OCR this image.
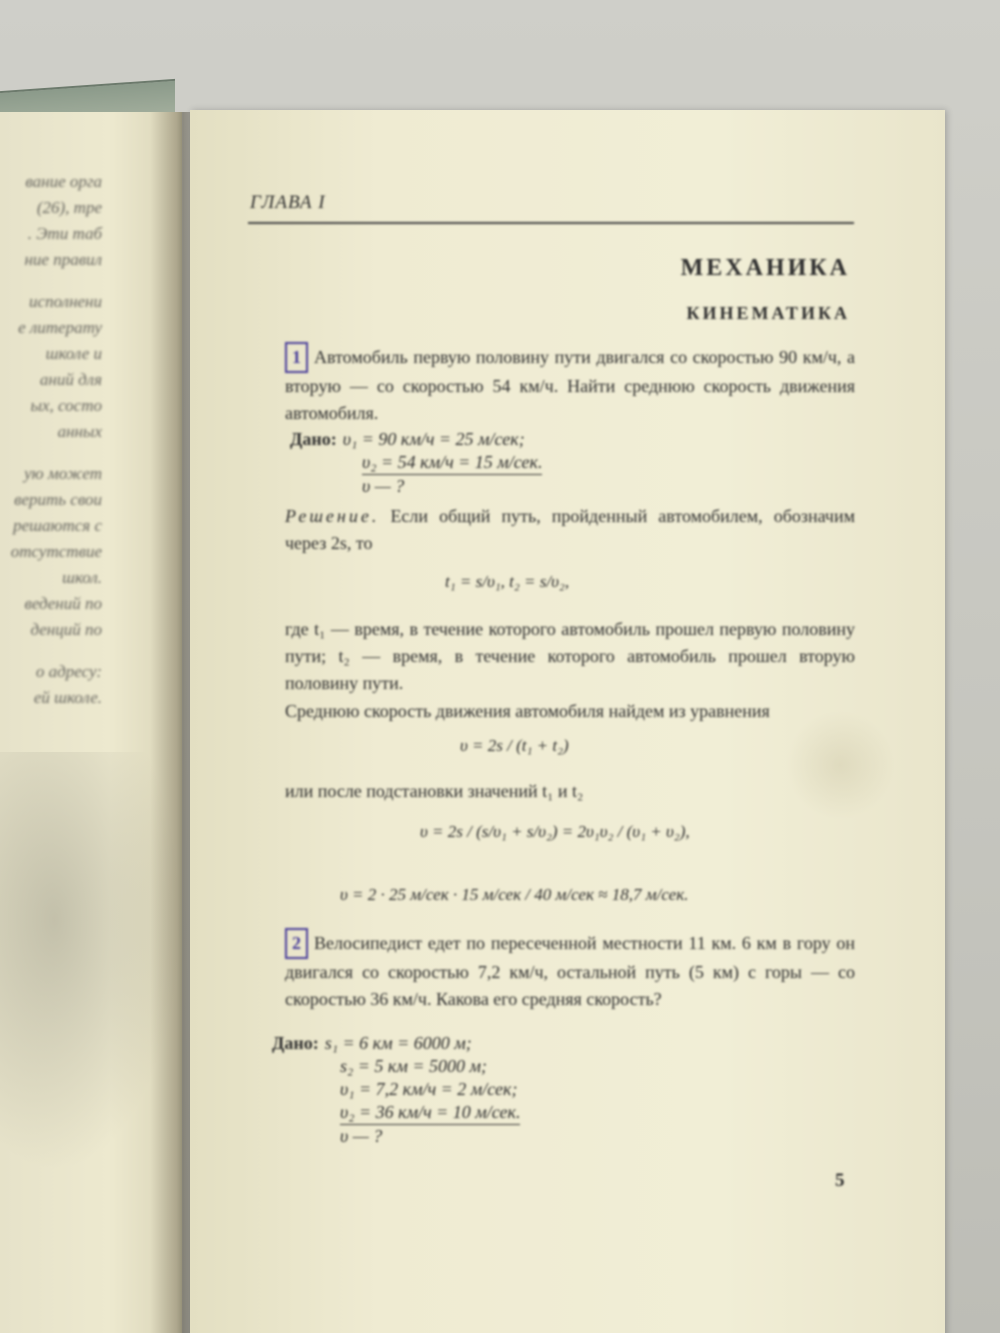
вание орга
(26), тре
. Эти таб
ние правил
исполнени
е литерату
школе и
аний для
ых, состо
анных
ую может
верить свои
решаются с
отсутствие
школ.
ведений по
денций по
о адресу:
ей школе.
ГЛАВА I
МЕХАНИКА
КИНЕМАТИКА
1 Автомобиль первую половину пути двигался со скоростью 90 км/ч, а вторую — со скоростью 54 км/ч. Найти среднюю скорость движения автомобиля.
Дано: υ₁ = 90 км/ч = 25 м/сек;
υ₂ = 54 км/ч = 15 м/сек.
υ — ?
Решение. Если общий путь, пройденный автомобилем, обозначим через 2s, то
t₁ = s/υ₁, t₂ = s/υ₂,
где t₁ — время, в течение которого автомобиль прошел первую половину пути; t₂ — время, в течение которого автомобиль прошел вторую половину пути.
Среднюю скорость движения автомобиля найдем из уравнения
υ = 2s / (t₁ + t₂)
или после подстановки значений t₁ и t₂
υ = 2s / (s/υ₁ + s/υ₂) = 2υ₁υ₂ / (υ₁ + υ₂),
υ = 2 · 25 м/сек · 15 м/сек / 40 м/сек ≈ 18,7 м/сек.
2 Велосипедист едет по пересеченной местности 11 км. 6 км в гору он двигался со скоростью 7,2 км/ч, остальной путь (5 км) с горы — со скоростью 36 км/ч. Какова его средняя скорость?
Дано: s₁ = 6 км = 6000 м;
s₂ = 5 км = 5000 м;
υ₁ = 7,2 км/ч = 2 м/сек;
υ₂ = 36 км/ч = 10 м/сек.
υ — ?
5
